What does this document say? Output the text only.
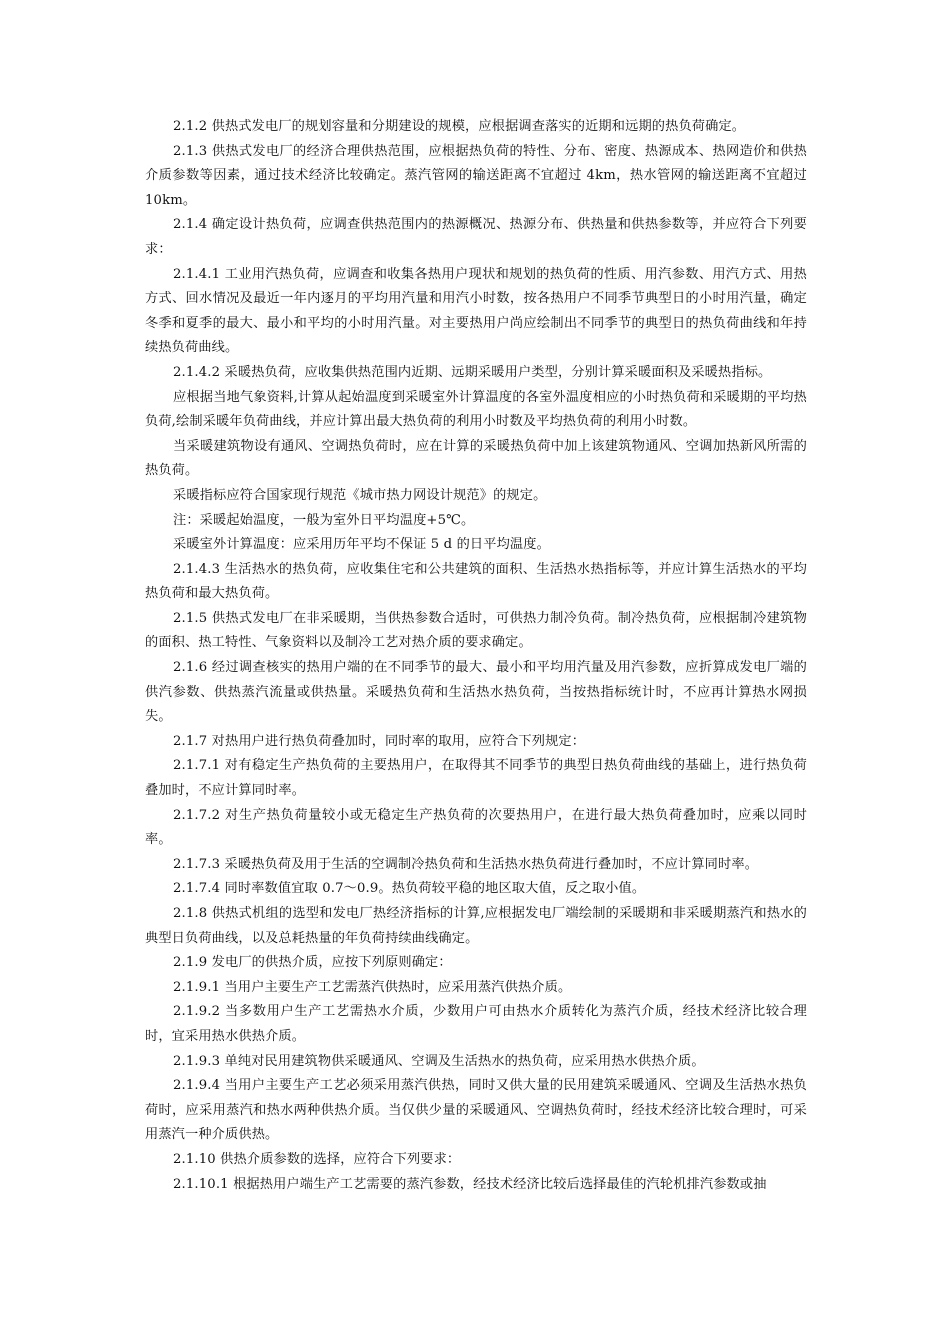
2.1.2 供热式发电厂的规划容量和分期建设的规模，应根据调查落实的近期和远期的热负荷确定。

2.1.3 供热式发电厂的经济合理供热范围，应根据热负荷的特性、分布、密度、热源成本、热网造价和供热介质参数等因素，通过技术经济比较确定。蒸汽管网的输送距离不宜超过 4km，热水管网的输送距离不宜超过 10km。

2.1.4 确定设计热负荷，应调查供热范围内的热源概况、热源分布、供热量和供热参数等，并应符合下列要求：

2.1.4.1 工业用汽热负荷，应调查和收集各热用户现状和规划的热负荷的性质、用汽参数、用汽方式、用热方式、回水情况及最近一年内逐月的平均用汽量和用汽小时数，按各热用户不同季节典型日的小时用汽量，确定冬季和夏季的最大、最小和平均的小时用汽量。对主要热用户尚应绘制出不同季节的典型日的热负荷曲线和年持续热负荷曲线。

2.1.4.2 采暖热负荷，应收集供热范围内近期、远期采暖用户类型，分别计算采暖面积及采暖热指标。

应根据当地气象资料,计算从起始温度到采暖室外计算温度的各室外温度相应的小时热负荷和采暖期的平均热负荷,绘制采暖年负荷曲线，并应计算出最大热负荷的利用小时数及平均热负荷的利用小时数。

当采暖建筑物设有通风、空调热负荷时，应在计算的采暖热负荷中加上该建筑物通风、空调加热新风所需的热负荷。

采暖指标应符合国家现行规范《城市热力网设计规范》的规定。

注：采暖起始温度，一般为室外日平均温度+5℃。

采暖室外计算温度：应采用历年平均不保证 5 d 的日平均温度。

2.1.4.3 生活热水的热负荷，应收集住宅和公共建筑的面积、生活热水热指标等，并应计算生活热水的平均热负荷和最大热负荷。

2.1.5 供热式发电厂在非采暖期，当供热参数合适时，可供热力制冷负荷。制冷热负荷，应根据制冷建筑物的面积、热工特性、气象资料以及制冷工艺对热介质的要求确定。

2.1.6 经过调查核实的热用户端的在不同季节的最大、最小和平均用汽量及用汽参数，应折算成发电厂端的供汽参数、供热蒸汽流量或供热量。采暖热负荷和生活热水热负荷，当按热指标统计时，不应再计算热水网损失。

2.1.7 对热用户进行热负荷叠加时，同时率的取用，应符合下列规定：

2.1.7.1 对有稳定生产热负荷的主要热用户，在取得其不同季节的典型日热负荷曲线的基础上，进行热负荷叠加时，不应计算同时率。

2.1.7.2 对生产热负荷量较小或无稳定生产热负荷的次要热用户，在进行最大热负荷叠加时，应乘以同时率。

2.1.7.3 采暖热负荷及用于生活的空调制冷热负荷和生活热水热负荷进行叠加时，不应计算同时率。

2.1.7.4 同时率数值宜取 0.7～0.9。热负荷较平稳的地区取大值，反之取小值。

2.1.8 供热式机组的选型和发电厂热经济指标的计算,应根据发电厂端绘制的采暖期和非采暖期蒸汽和热水的典型日负荷曲线，以及总耗热量的年负荷持续曲线确定。

2.1.9 发电厂的供热介质，应按下列原则确定：

2.1.9.1 当用户主要生产工艺需蒸汽供热时，应采用蒸汽供热介质。

2.1.9.2 当多数用户生产工艺需热水介质，少数用户可由热水介质转化为蒸汽介质，经技术经济比较合理时，宜采用热水供热介质。

2.1.9.3 单纯对民用建筑物供采暖通风、空调及生活热水的热负荷，应采用热水供热介质。

2.1.9.4 当用户主要生产工艺必须采用蒸汽供热，同时又供大量的民用建筑采暖通风、空调及生活热水热负荷时，应采用蒸汽和热水两种供热介质。当仅供少量的采暖通风、空调热负荷时，经技术经济比较合理时，可采用蒸汽一种介质供热。

2.1.10 供热介质参数的选择，应符合下列要求：

2.1.10.1 根据热用户端生产工艺需要的蒸汽参数，经技术经济比较后选择最佳的汽轮机排汽参数或抽
